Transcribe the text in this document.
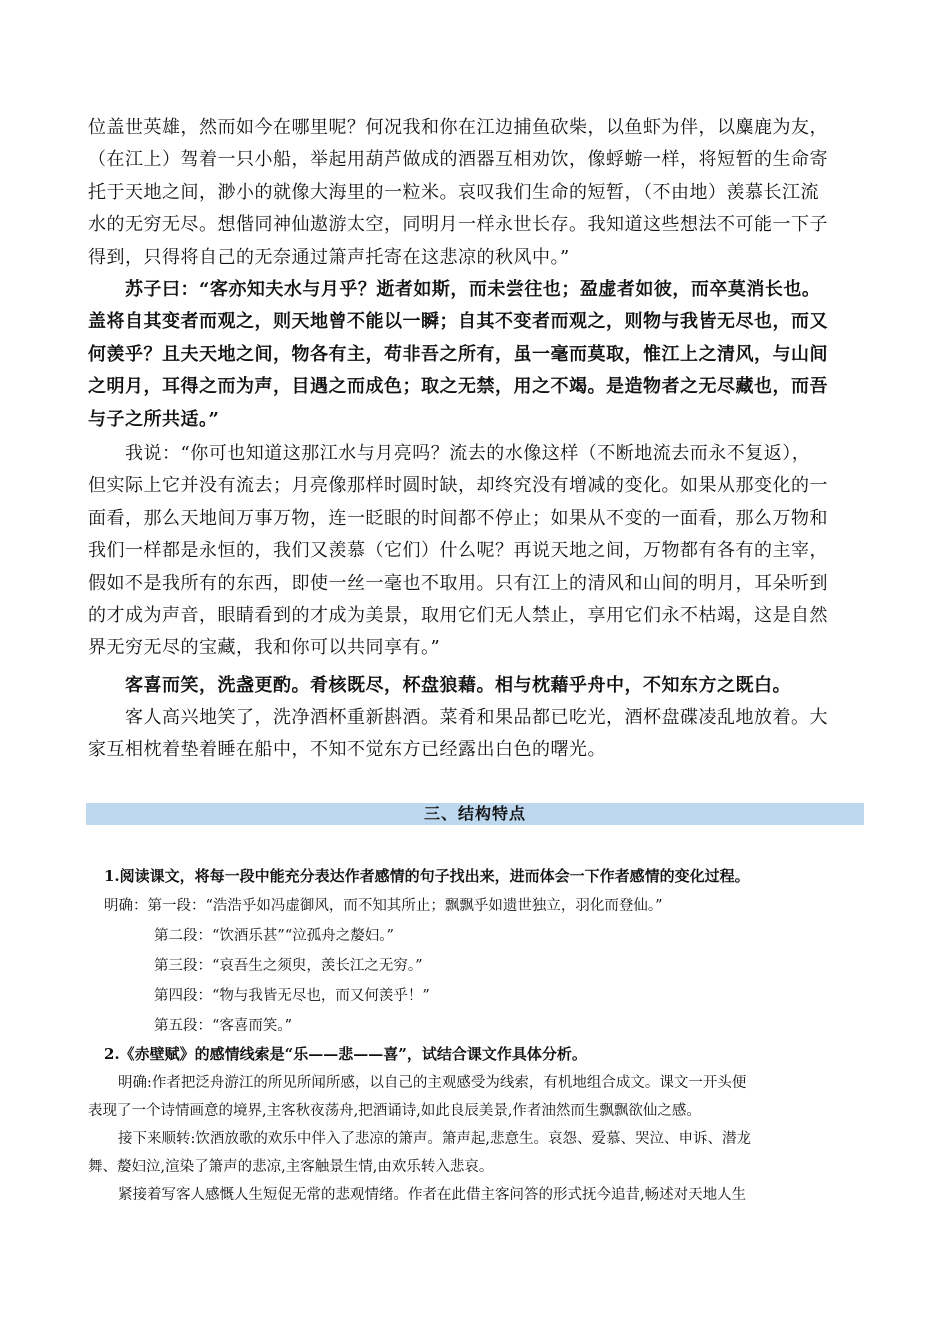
位盖世英雄，然而如今在哪里呢？何况我和你在江边捕鱼砍柴，以鱼虾为伴，以麋鹿为友，
（在江上）驾着一只小船，举起用葫芦做成的酒器互相劝饮，像蜉蝣一样，将短暂的生命寄
托于天地之间，渺小的就像大海里的一粒米。哀叹我们生命的短暂，（不由地）羡慕长江流
水的无穷无尽。想偕同神仙遨游太空，同明月一样永世长存。我知道这些想法不可能一下子
得到，只得将自己的无奈通过箫声托寄在这悲凉的秋风中。”
　　苏子曰：“客亦知夫水与月乎？逝者如斯，而未尝往也；盈虚者如彼，而卒莫消长也。
盖将自其变者而观之，则天地曾不能以一瞬；自其不变者而观之，则物与我皆无尽也，而又
何羡乎？且夫天地之间，物各有主，苟非吾之所有，虽一毫而莫取，惟江上之清风，与山间
之明月，耳得之而为声，目遇之而成色；取之无禁，用之不竭。是造物者之无尽藏也，而吾
与子之所共适。”
　　我说：“你可也知道这那江水与月亮吗？流去的水像这样（不断地流去而永不复返），
但实际上它并没有流去；月亮像那样时圆时缺，却终究没有增减的变化。如果从那变化的一
面看，那么天地间万事万物，连一眨眼的时间都不停止；如果从不变的一面看，那么万物和
我们一样都是永恒的，我们又羡慕（它们）什么呢？再说天地之间，万物都有各有的主宰，
假如不是我所有的东西，即使一丝一毫也不取用。只有江上的清风和山间的明月，耳朵听到
的才成为声音，眼睛看到的才成为美景，取用它们无人禁止，享用它们永不枯竭，这是自然
界无穷无尽的宝藏，我和你可以共同享有。”
　　客喜而笑，洗盏更酌。肴核既尽，杯盘狼藉。相与枕藉乎舟中，不知东方之既白。
　　客人高兴地笑了，洗净酒杯重新斟酒。菜肴和果品都已吃光，酒杯盘碟凌乱地放着。大
家互相枕着垫着睡在船中，不知不觉东方已经露出白色的曙光。
三、结构特点
1.阅读课文，将每一段中能充分表达作者感情的句子找出来，进而体会一下作者感情的变化过程。
明确：第一段：“浩浩乎如冯虚御风，而不知其所止；飘飘乎如遗世独立，羽化而登仙。”
第二段：“饮酒乐甚”“泣孤舟之嫠妇。”
第三段：“哀吾生之须臾，羡长江之无穷。”
第四段：“物与我皆无尽也，而又何羡乎！”
第五段：“客喜而笑。”
2.《赤壁赋》的感情线索是“乐——悲——喜”，试结合课文作具体分析。
明确:作者把泛舟游江的所见所闻所感，以自己的主观感受为线索，有机地组合成文。课文一开头便
表现了一个诗情画意的境界,主客秋夜荡舟,把酒诵诗,如此良辰美景,作者油然而生飘飘欲仙之感。
接下来顺转:饮酒放歌的欢乐中伴入了悲凉的箫声。箫声起,悲意生。哀怨、爱慕、哭泣、申诉、潜龙
舞、嫠妇泣,渲染了箫声的悲凉,主客触景生情,由欢乐转入悲哀。
紧接着写客人感慨人生短促无常的悲观情绪。作者在此借主客问答的形式抚今追昔,畅述对天地人生
